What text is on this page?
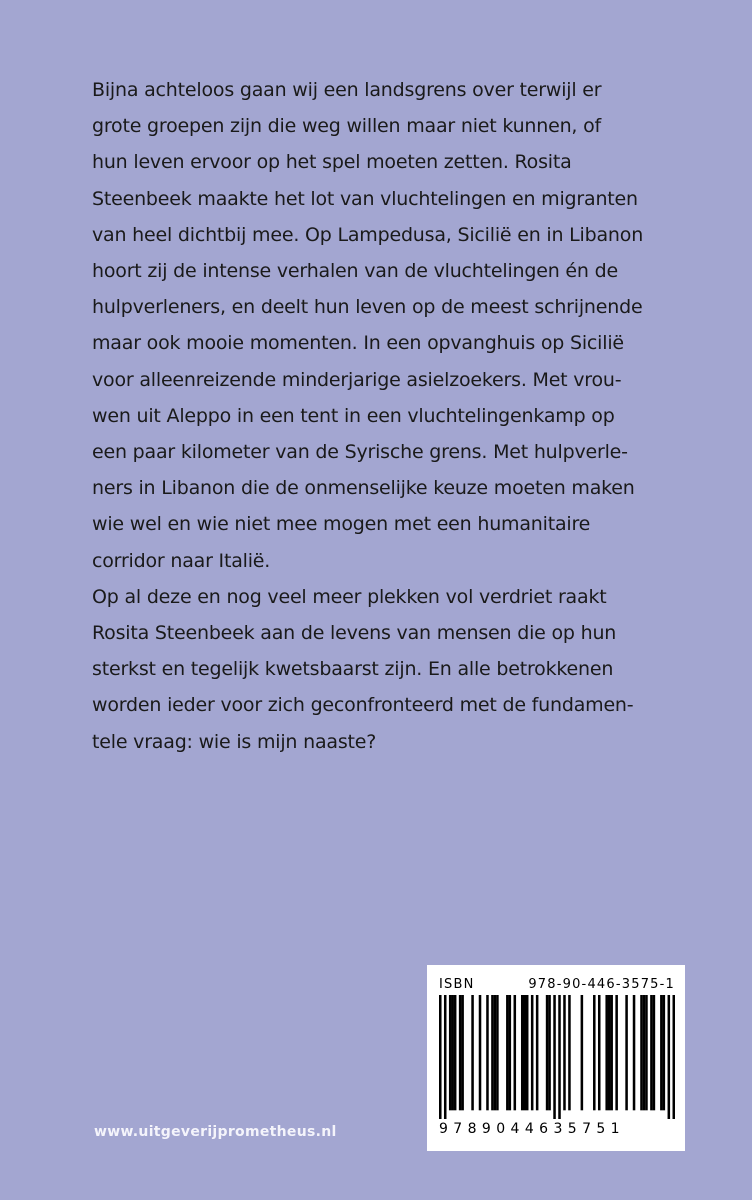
Bijna achteloos gaan wij een landsgrens over terwijl er
grote groepen zijn die weg willen maar niet kunnen, of
hun leven ervoor op het spel moeten zetten. Rosita
Steenbeek maakte het lot van vluchtelingen en migranten
van heel dichtbij mee. Op Lampedusa, Sicilië en in Libanon
hoort zij de intense verhalen van de vluchtelingen én de
hulpverleners, en deelt hun leven op de meest schrijnende
maar ook mooie momenten. In een opvanghuis op Sicilië
voor alleenreizende minderjarige asielzoekers. Met vrou-
wen uit Aleppo in een tent in een vluchtelingenkamp op
een paar kilometer van de Syrische grens. Met hulpverle-
ners in Libanon die de onmenselijke keuze moeten maken
wie wel en wie niet mee mogen met een humanitaire
corridor naar Italië.
Op al deze en nog veel meer plekken vol verdriet raakt
Rosita Steenbeek aan de levens van mensen die op hun
sterkst en tegelijk kwetsbaarst zijn. En alle betrokkenen
worden ieder voor zich geconfronteerd met de fundamen-
tele vraag: wie is mijn naaste?
ISBN	978-90-446-3575-1
9789044635751
www.uitgeverijprometheus.nl
